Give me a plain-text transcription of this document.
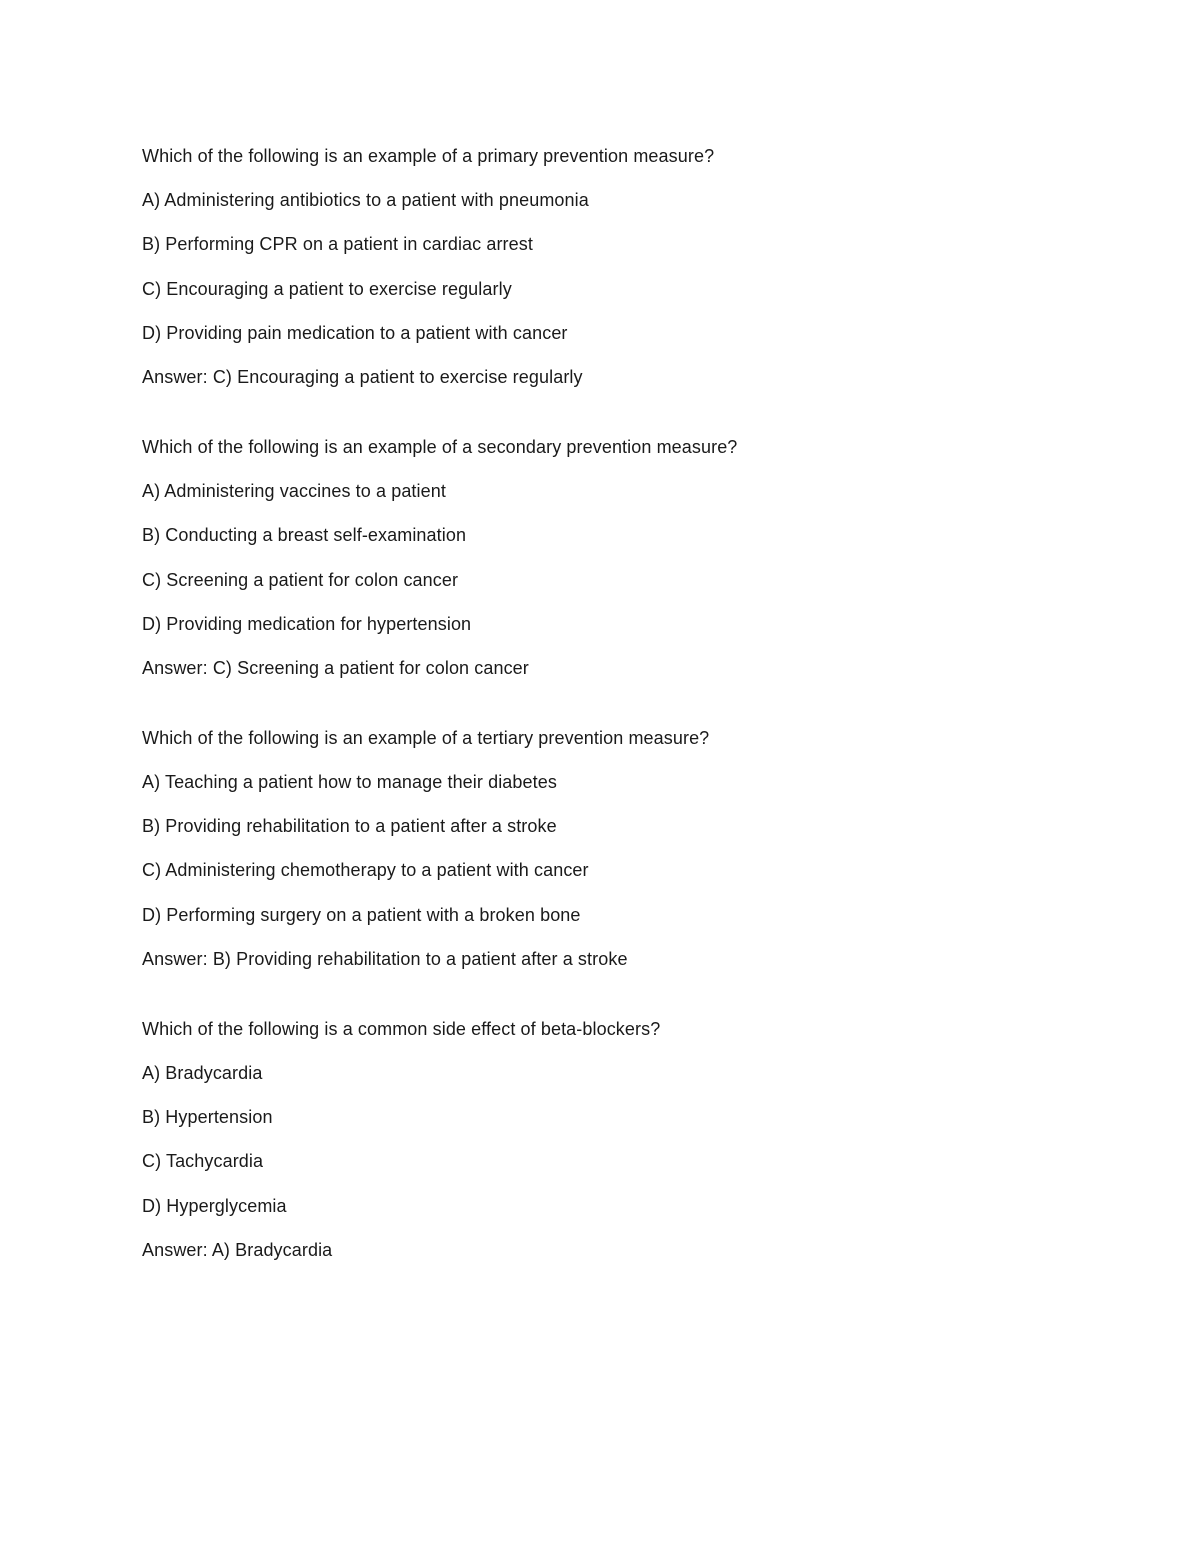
Which of the following is an example of a primary prevention measure?
A) Administering antibiotics to a patient with pneumonia
B) Performing CPR on a patient in cardiac arrest
C) Encouraging a patient to exercise regularly
D) Providing pain medication to a patient with cancer
Answer: C) Encouraging a patient to exercise regularly
Which of the following is an example of a secondary prevention measure?
A) Administering vaccines to a patient
B) Conducting a breast self-examination
C) Screening a patient for colon cancer
D) Providing medication for hypertension
Answer: C) Screening a patient for colon cancer
Which of the following is an example of a tertiary prevention measure?
A) Teaching a patient how to manage their diabetes
B) Providing rehabilitation to a patient after a stroke
C) Administering chemotherapy to a patient with cancer
D) Performing surgery on a patient with a broken bone
Answer: B) Providing rehabilitation to a patient after a stroke
Which of the following is a common side effect of beta-blockers?
A) Bradycardia
B) Hypertension
C) Tachycardia
D) Hyperglycemia
Answer: A) Bradycardia
